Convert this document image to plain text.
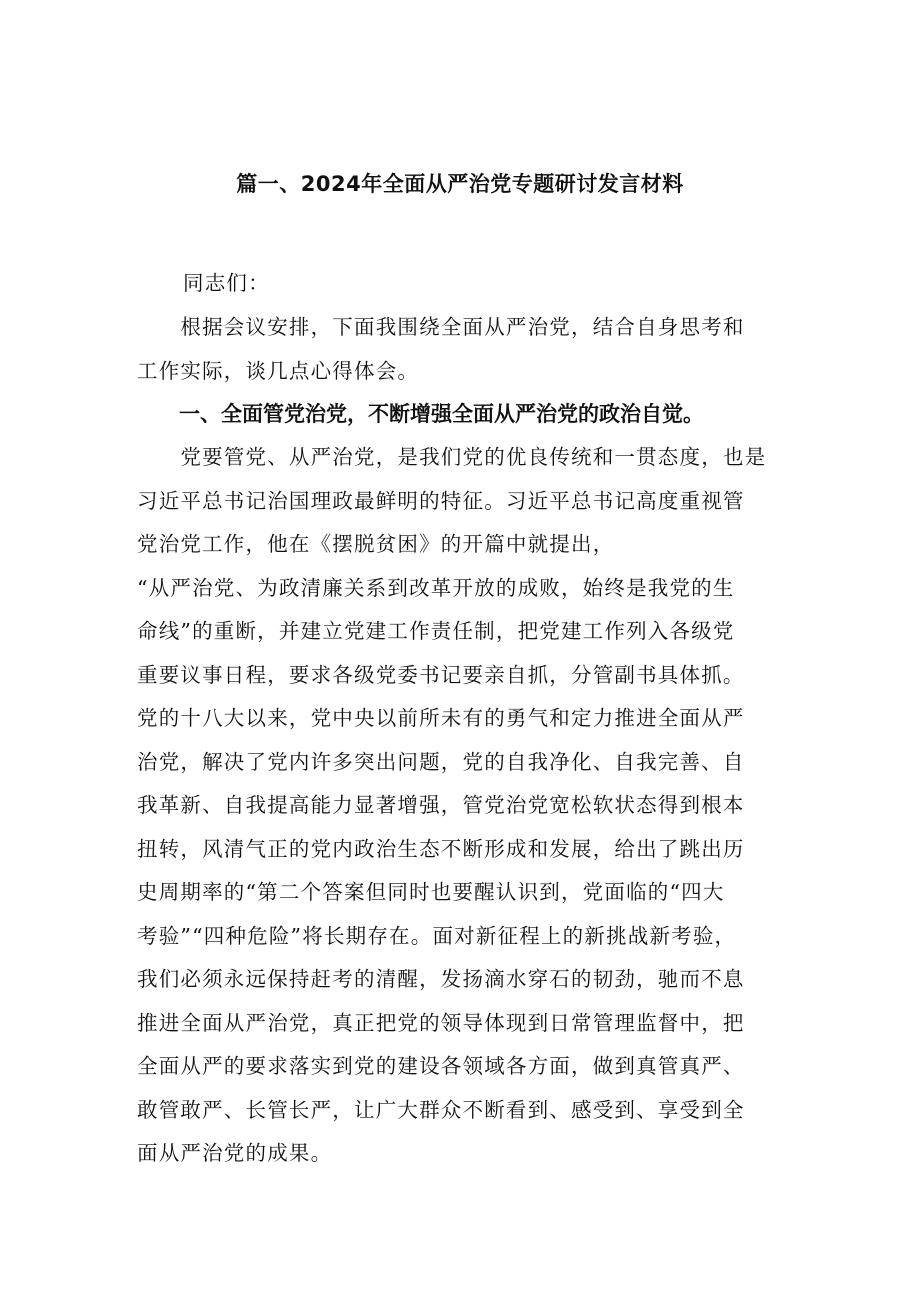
篇一、2024年全面从严治党专题研讨发言材料
同志们：
　　根据会议安排，下面我围绕全面从严治党，结合自身思考和
工作实际，谈几点心得体会。
　　一、全面管党治党，不断增强全面从严治党的政治自觉。
　　党要管党、从严治党，是我们党的优良传统和一贯态度，也是
习近平总书记治国理政最鲜明的特征。习近平总书记高度重视管
党治党工作，他在《摆脱贫困》的开篇中就提出，
“从严治党、为政清廉关系到改革开放的成败，始终是我党的生
命线”的重断，并建立党建工作责任制，把党建工作列入各级党
重要议事日程，要求各级党委书记要亲自抓，分管副书具体抓。
党的十八大以来，党中央以前所未有的勇气和定力推进全面从严
治党，解决了党内许多突出问题，党的自我净化、自我完善、自
我革新、自我提高能力显著增强，管党治党宽松软状态得到根本
扭转，风清气正的党内政治生态不断形成和发展，给出了跳出历
史周期率的“第二个答案但同时也要醒认识到，党面临的“四大
考验”“四种危险”将长期存在。面对新征程上的新挑战新考验，
我们必须永远保持赶考的清醒，发扬滴水穿石的韧劲，驰而不息
推进全面从严治党，真正把党的领导体现到日常管理监督中，把
全面从严的要求落实到党的建设各领域各方面，做到真管真严、
敢管敢严、长管长严，让广大群众不断看到、感受到、享受到全
面从严治党的成果。
